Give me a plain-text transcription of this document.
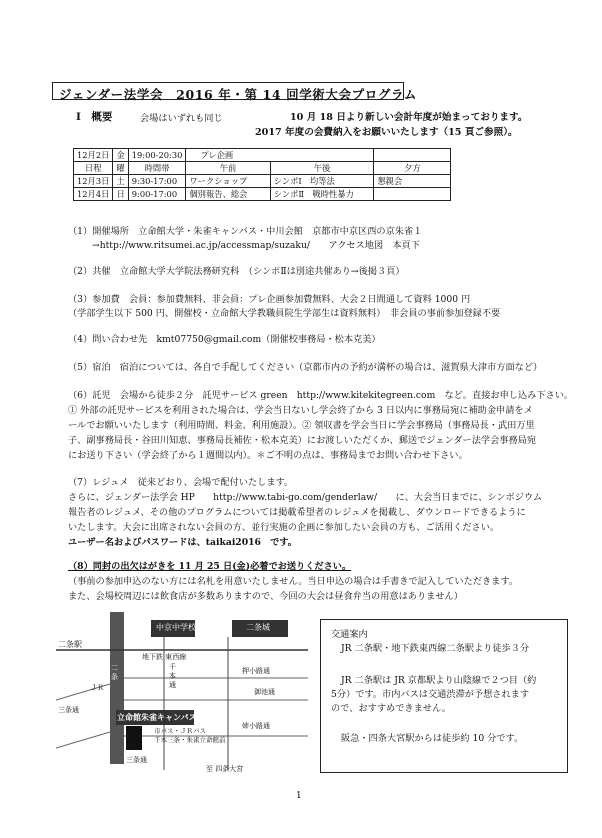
ジェンダー法学会　2016 年・第 14 回学術大会プログラム
Ⅰ　概要	会場はいずれも同じ	10 月 18 日より新しい会計年度が始まっております。
2017 年度の会費納入をお願いいたします（15 頁ご参照）。
12月2日	金	19:00-20:30	プレ企画		
日程	曜	時間帯	午前	午後	夕方
12月3日	土	9:30-17:00	ワークショップ	シンポⅠ　均等法	懇親会
12月4日	日	9:00-17:00	個別報告、総会	シンポⅡ　戦時性暴力	
（1）開催場所　立命館大学・朱雀キャンパス・中川会館　京都市中京区西の京朱雀１
→http://www.ritsumei.ac.jp/accessmap/suzaku/　　アクセス地図　本頁下
（2）共催　立命館大学大学院法務研究科　（シンポⅡは別途共催あり→後掲３頁）
（3）参加費　会員：参加費無料、非会員：プレ企画参加費無料、大会２日間通して資料 1000 円
（学部学生以下 500 円、開催校・立命館大学教職員院生学部生は資料無料）　非会員の事前参加登録不要
（4）問い合わせ先　kmt07750@gmail.com（開催校事務局・松本克美）
（5）宿泊　宿泊については、各自で手配してください（京都市内の予約が満杯の場合は、滋賀県大津市方面など）
（6）託児　会場から徒歩２分　託児サービス green　http://www.kitekitegreen.com　など。直接お申し込み下さい。
① 外部の託児サービスを利用された場合は、学会当日ないし学会終了から 3 日以内に事務局宛に補助金申請をメ
ールでお願いいたします（利用時間、料金、利用施設）。② 領収書を学会当日に学会事務局（事務局長・武田万里
子、副事務局長・谷田川知恵、事務局長補佐・松本克美）にお渡しいただくか、郵送でジェンダー法学会事務局宛
にお送り下さい（学会終了から１週間以内）。＊ご不明の点は、事務局までお問い合わせ下さい。
（7）レジュメ　従来どおり、会場で配付いたします。
さらに、ジェンダー法学会 HP　　http://www.tabi-go.com/genderlaw/　　に、大会当日までに、シンポジウム
報告者のレジュメ、その他のプログラムについては掲載希望者のレジュメを掲載し、ダウンロードできるように
いたします。大会に出席されない会員の方、並行実施の企画に参加したい会員の方も、ご活用ください。
ユーザー名およびパスワードは、taikai2016　です。
（8）同封の出欠はがきを 11 月 25 日(金)必着でお送りください。
（事前の参加申込のない方には名札を用意いたしません。当日申込の場合は手書きで記入していただきます。
また、会場校周辺には飲食店が多数ありますので、今回の大会は昼食弁当の用意はありません）
中京中学校	二条城
二条駅
ＪＲ
三条通
地下鉄 東西線
押小路通
千本通
御池通
立命館朱雀キャンパス
二条
姉小路通
市バス・ＪＲバス
千本三条・朱雀立命館前
三条通
至 四条大宮
交通案内
JR 二条駅・地下鉄東西線二条駅より徒歩３分
JR 二条駅は JR 京都駅より山陰線で２つ目（約
5分）です。市内バスは交通渋滞が予想されます
ので、おすすめできません。
阪急・四条大宮駅からは徒歩約 10 分です。
1
